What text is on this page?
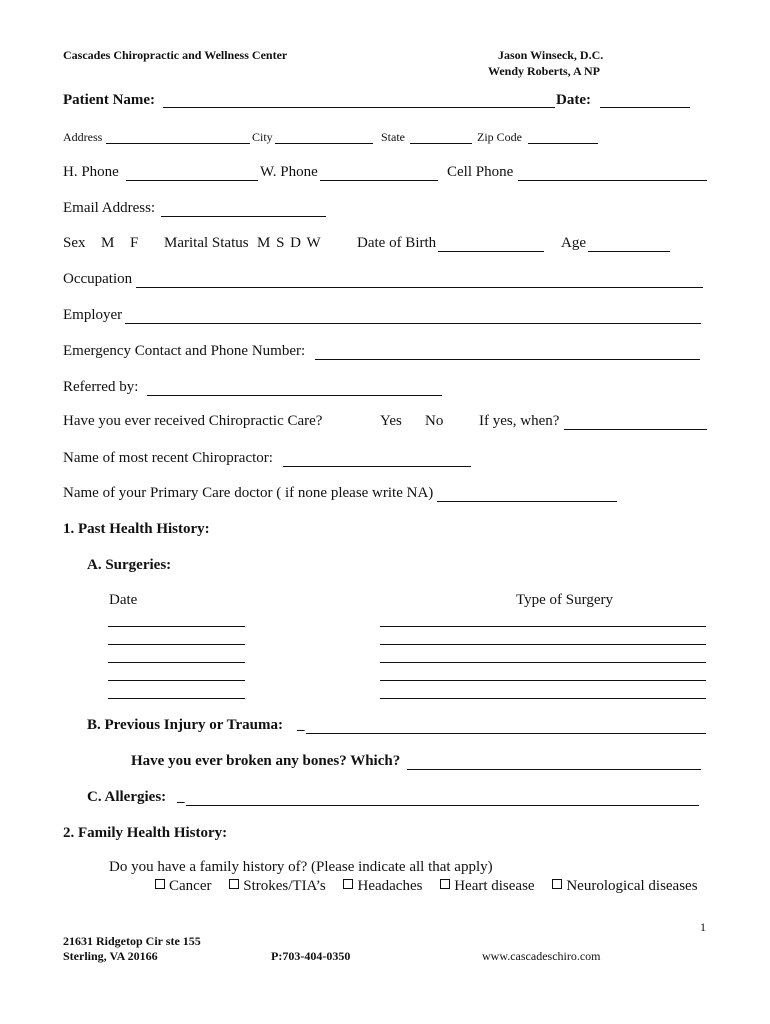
Cascades Chiropractic and Wellness Center	Jason Winseck, D.C.
Wendy Roberts, A NP
Patient Name:	Date:
Address	City	State	Zip Code
H. Phone	W. Phone	Cell Phone
Email Address:
Sex M F Marital Status M S D W Date of Birth	Age
Occupation
Employer
Emergency Contact and Phone Number:
Referred by:
Have you ever received Chiropractic Care?	Yes No If yes, when?
Name of most recent Chiropractor:
Name of your Primary Care doctor ( if none please write NA)
1. Past Health History:
A. Surgeries:
Date	Type of Surgery
B. Previous Injury or Trauma: _
Have you ever broken any bones? Which?
C. Allergies: _
2. Family Health History:
Do you have a family history of? (Please indicate all that apply)
Cancer Strokes/TIA’s Headaches Heart disease Neurological diseases
1
21631 Ridgetop Cir ste 155
Sterling, VA 20166	P:703-404-0350	www.cascadeschiro.com
